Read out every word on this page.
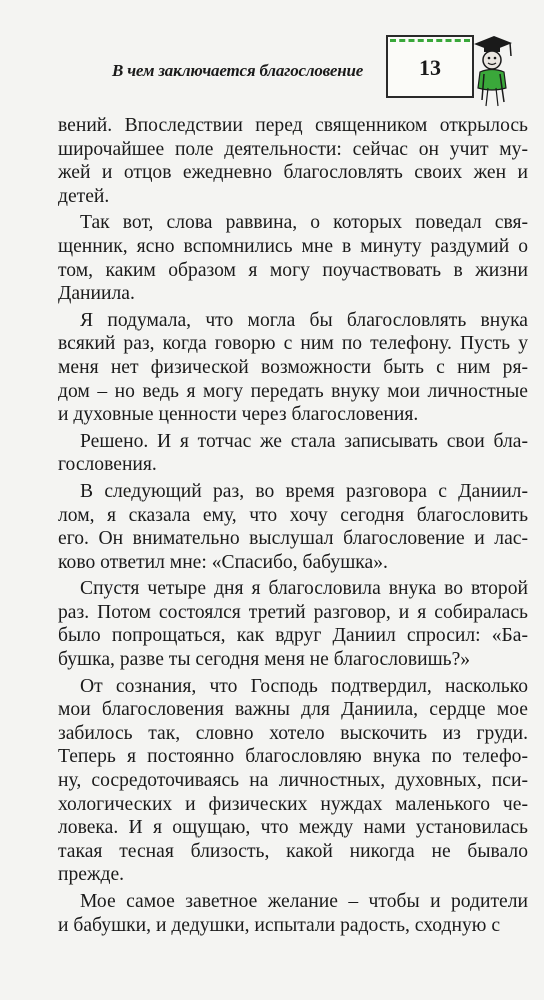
В чем заключается благословение	13
вений. Впоследствии перед священником открылось
широчайшее поле деятельности: сейчас он учит му-
жей и отцов ежедневно благословлять своих жен и
детей.
Так вот, слова раввина, о которых поведал свя-
щенник, ясно вспомнились мне в минуту раздумий о
том, каким образом я могу поучаствовать в жизни
Даниила.
Я подумала, что могла бы благословлять внука
всякий раз, когда говорю с ним по телефону. Пусть у
меня нет физической возможности быть с ним ря-
дом – но ведь я могу передать внуку мои личностные
и духовные ценности через благословения.
Решено. И я тотчас же стала записывать свои бла-
гословения.
В следующий раз, во время разговора с Даниил-
лом, я сказала ему, что хочу сегодня благословить
его. Он внимательно выслушал благословение и лас-
ково ответил мне: «Спасибо, бабушка».
Спустя четыре дня я благословила внука во второй
раз. Потом состоялся третий разговор, и я собиралась
было попрощаться, как вдруг Даниил спросил: «Ба-
бушка, разве ты сегодня меня не благословишь?»
От сознания, что Господь подтвердил, насколько
мои благословения важны для Даниила, сердце мое
забилось так, словно хотело выскочить из груди.
Теперь я постоянно благословляю внука по телефо-
ну, сосредоточиваясь на личностных, духовных, пси-
хологических и физических нуждах маленького че-
ловека. И я ощущаю, что между нами установилась
такая тесная близость, какой никогда не бывало
прежде.
Мое самое заветное желание – чтобы и родители
и бабушки, и дедушки, испытали радость, сходную с
